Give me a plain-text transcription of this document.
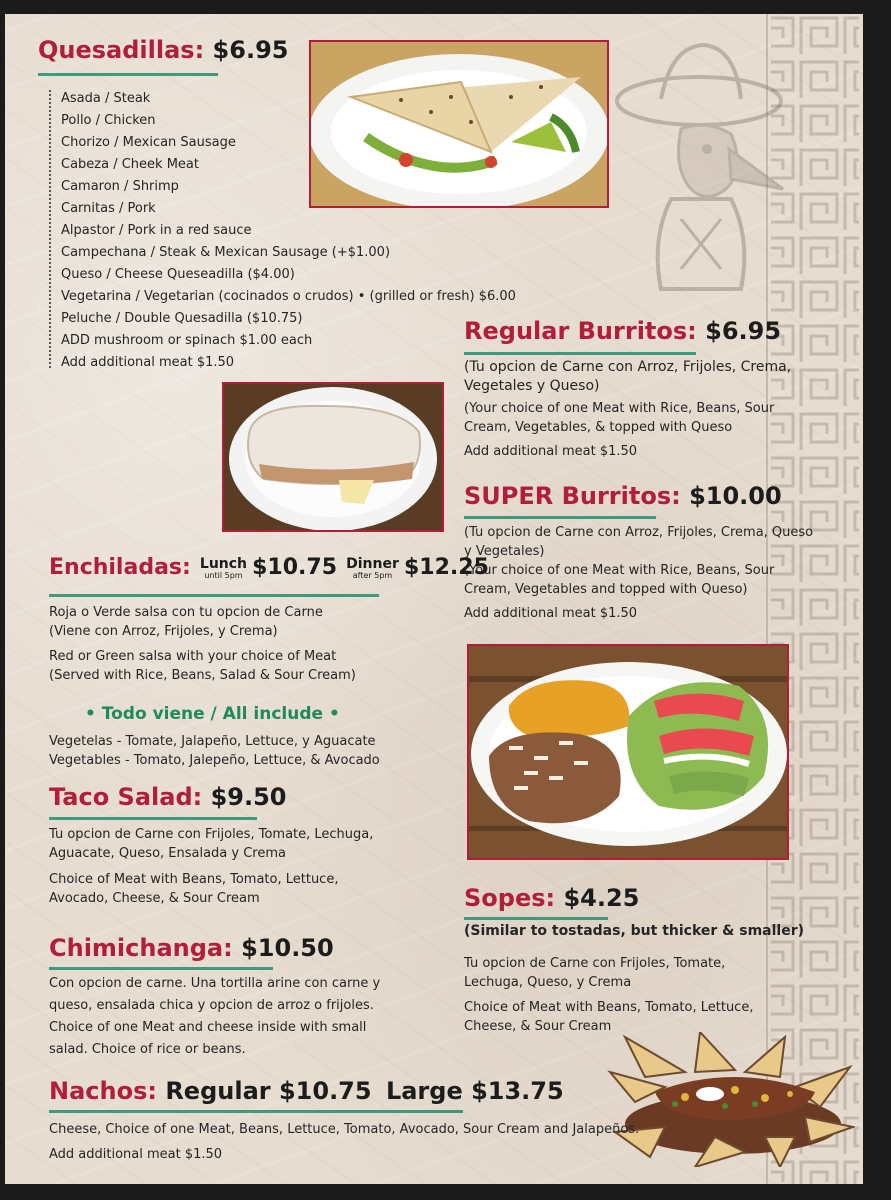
Quesadillas: $6.95
Asada / Steak
Pollo / Chicken
Chorizo / Mexican Sausage
Cabeza / Cheek Meat
Camaron / Shrimp
Carnitas / Pork
Alpastor / Pork in a red sauce
Campechana / Steak & Mexican Sausage (+$1.00)
Queso / Cheese Queseadilla ($4.00)
Vegetarina / Vegetarian (cocinados o crudos) • (grilled or fresh) $6.00
Peluche / Double Quesadilla ($10.75)
ADD mushroom or spinach $1.00 each
Add additional meat $1.50
Regular Burritos: $6.95
(Tu opcion de Carne con Arroz, Frijoles, Crema, Vegetales y Queso)
(Your choice of one Meat with Rice, Beans, Sour Cream, Vegetables, & topped with Queso
Add additional meat $1.50
SUPER Burritos: $10.00
(Tu opcion de Carne con Arroz, Frijoles, Crema, Queso y Vegetales)
(Your choice of one Meat with Rice, Beans, Sour Cream, Vegetables and topped with Queso)
Add additional meat $1.50
Enchiladas: Lunch
until 5pm $10.75 Dinner
after 5pm $12.25
Roja o Verde salsa con tu opcion de Carne (Viene con Arroz, Frijoles, y Crema)
Red or Green salsa with your choice of Meat (Served with Rice, Beans, Salad & Sour Cream)
• Todo viene / All include •
Vegetelas - Tomate, Jalapeño, Lettuce, y Aguacate
Vegetables - Tomato, Jalepeño, Lettuce, & Avocado
Taco Salad: $9.50
Tu opcion de Carne con Frijoles, Tomate, Lechuga, Aguacate, Queso, Ensalada y Crema
Choice of Meat with Beans, Tomato, Lettuce, Avocado, Cheese, & Sour Cream
Chimichanga: $10.50
Con opcion de carne. Una tortilla arine con carne y queso, ensalada chica y opcion de arroz o frijoles.
Choice of one Meat and cheese inside with small salad. Choice of rice or beans.
Sopes: $4.25
(Similar to tostadas, but thicker & smaller)
Tu opcion de Carne con Frijoles, Tomate, Lechuga, Queso, y Crema
Choice of Meat with Beans, Tomato, Lettuce, Cheese, & Sour Cream
Nachos: Regular $10.75 Large $13.75
Cheese, Choice of one Meat, Beans, Lettuce, Tomato, Avocado, Sour Cream and Jalapeños.
Add additional meat $1.50
